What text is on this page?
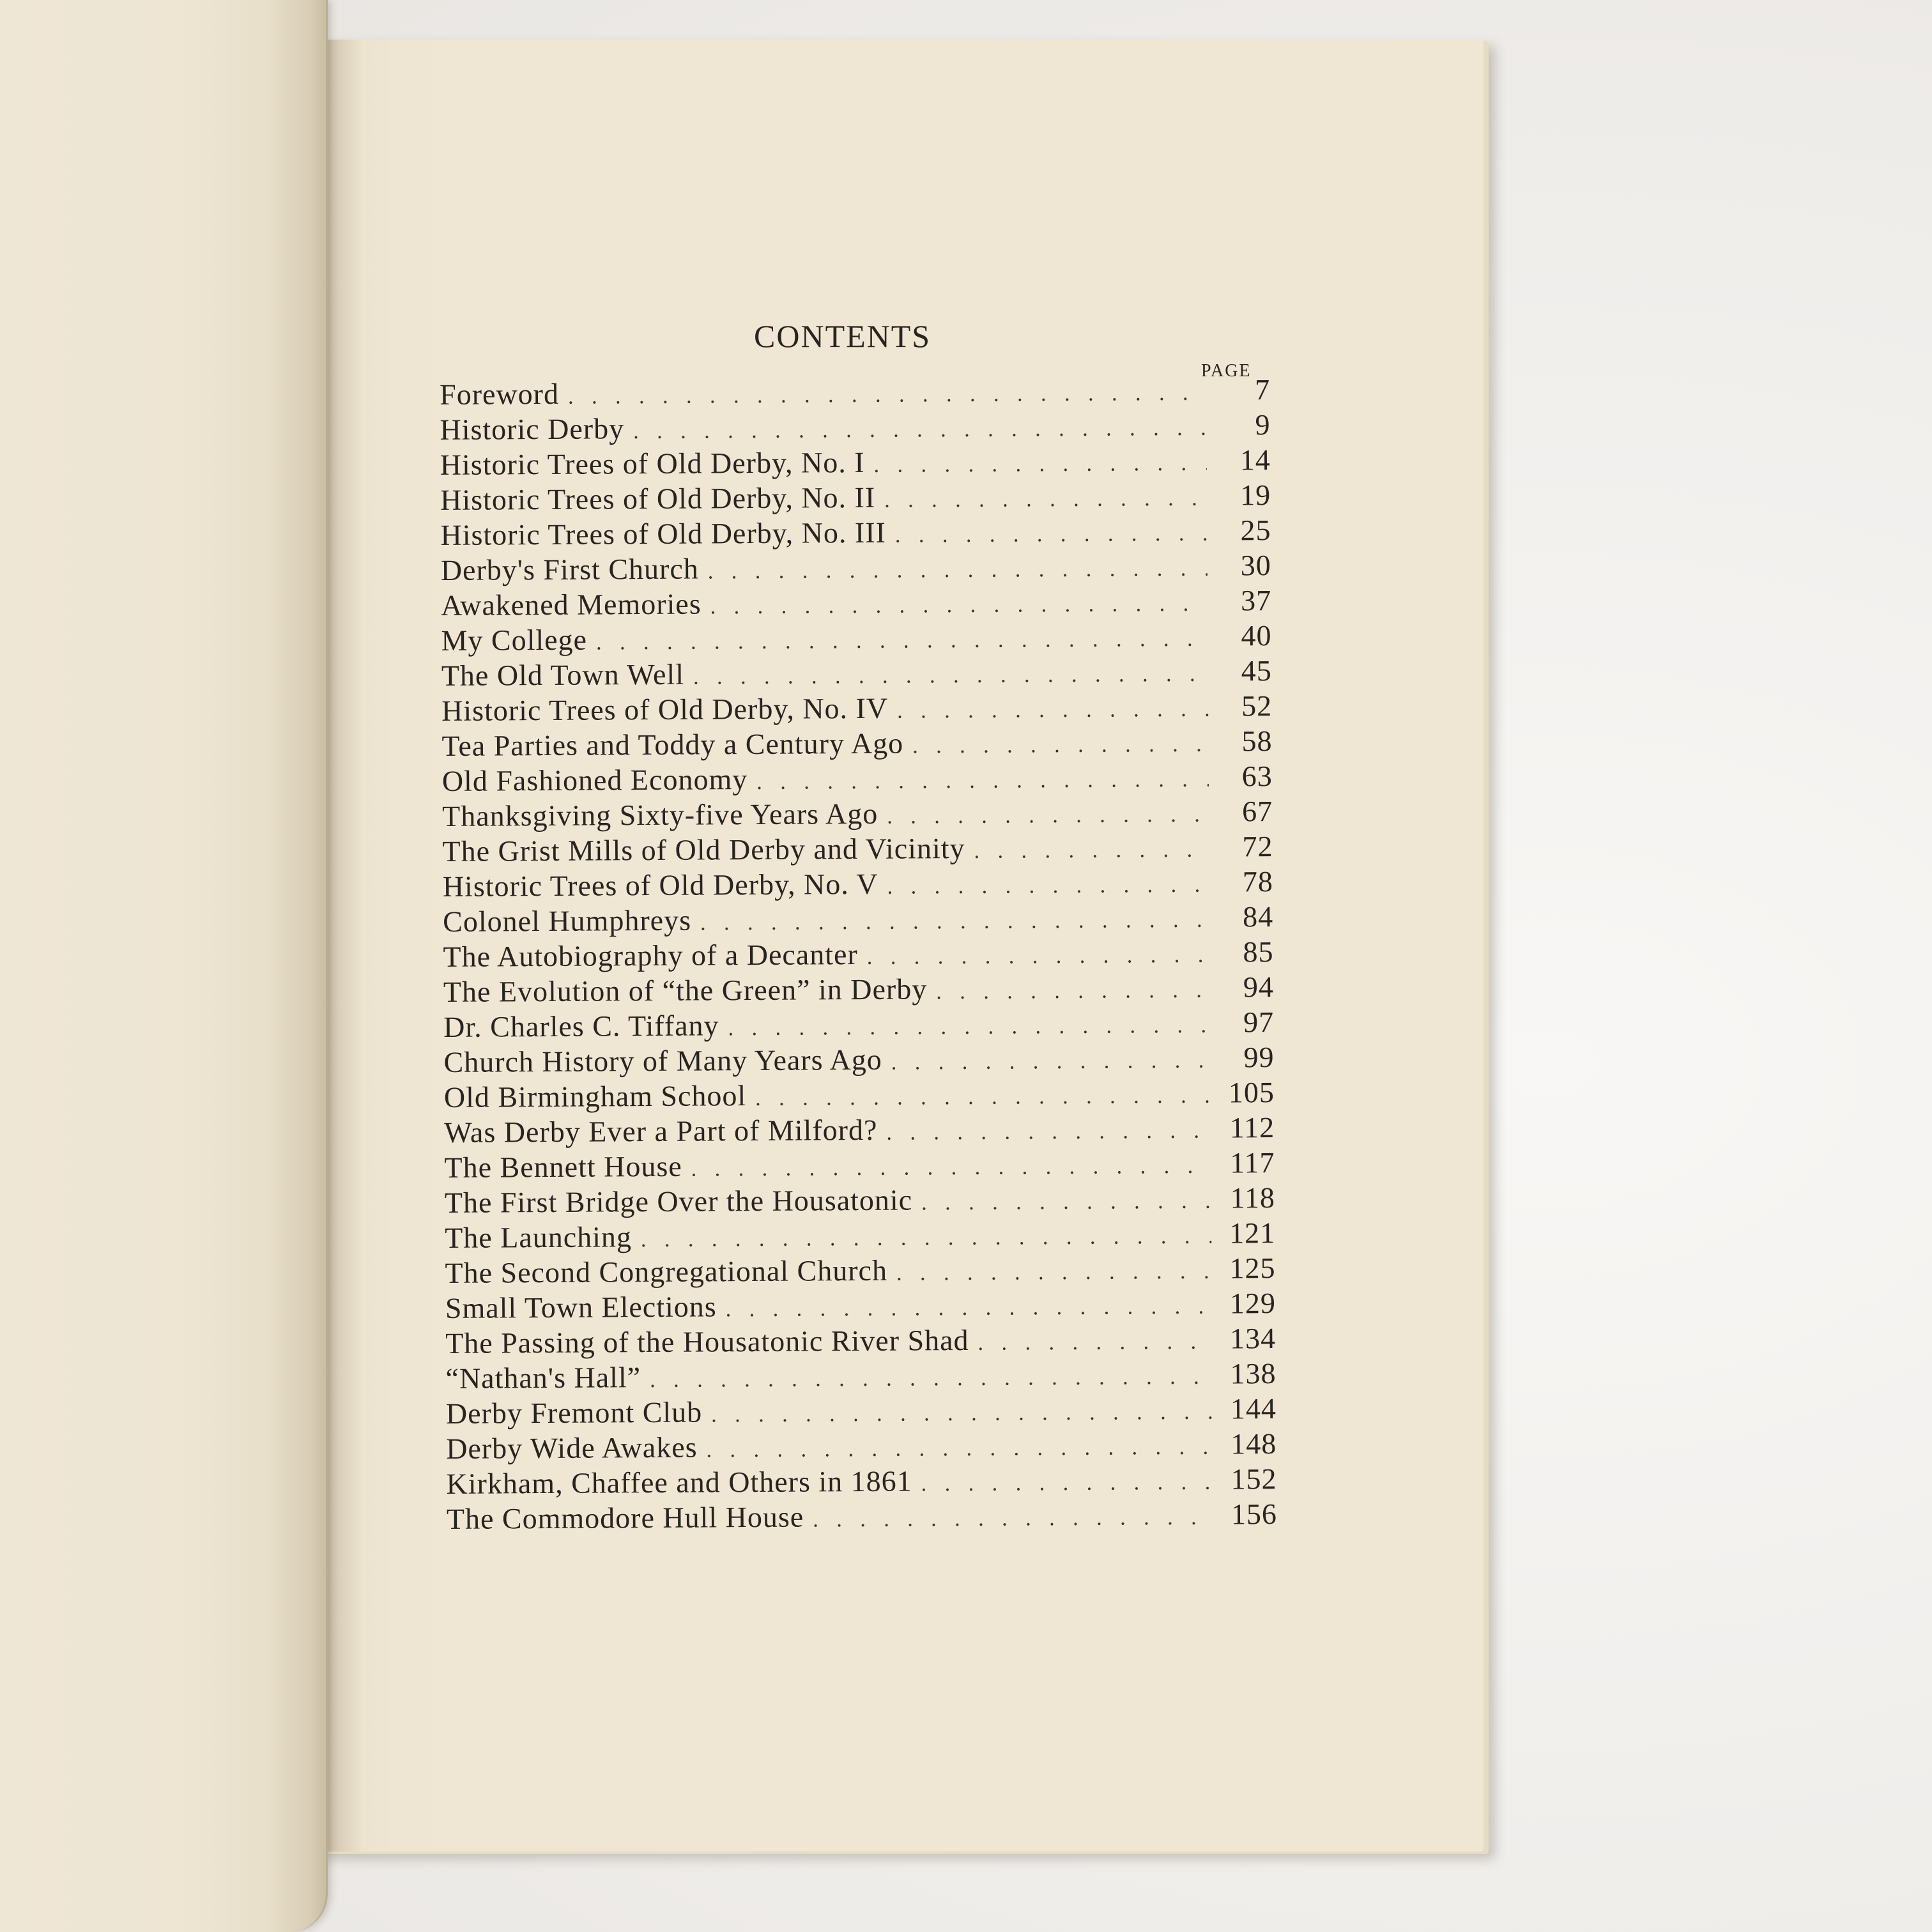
CONTENTS
PAGE
Foreword . . .	7
Historic Derby . . .	9
Historic Trees of Old Derby, No. I . . .	14
Historic Trees of Old Derby, No. II . . .	19
Historic Trees of Old Derby, No. III . . .	25
Derby's First Church . . .	30
Awakened Memories . . .	37
My College . . .	40
The Old Town Well . . .	45
Historic Trees of Old Derby, No. IV . . .	52
Tea Parties and Toddy a Century Ago . . .	58
Old Fashioned Economy . . .	63
Thanksgiving Sixty-five Years Ago . . .	67
The Grist Mills of Old Derby and Vicinity . . .	72
Historic Trees of Old Derby, No. V . . .	78
Colonel Humphreys . . .	84
The Autobiography of a Decanter . . .	85
The Evolution of “the Green” in Derby . . .	94
Dr. Charles C. Tiffany . . .	97
Church History of Many Years Ago . . .	99
Old Birmingham School . . .	105
Was Derby Ever a Part of Milford? . . .	112
The Bennett House . . .	117
The First Bridge Over the Housatonic . . .	118
The Launching . . .	121
The Second Congregational Church . . .	125
Small Town Elections . . .	129
The Passing of the Housatonic River Shad . . .	134
“Nathan's Hall” . . .	138
Derby Fremont Club . . .	144
Derby Wide Awakes . . .	148
Kirkham, Chaffee and Others in 1861 . . .	152
The Commodore Hull House . . .	156
